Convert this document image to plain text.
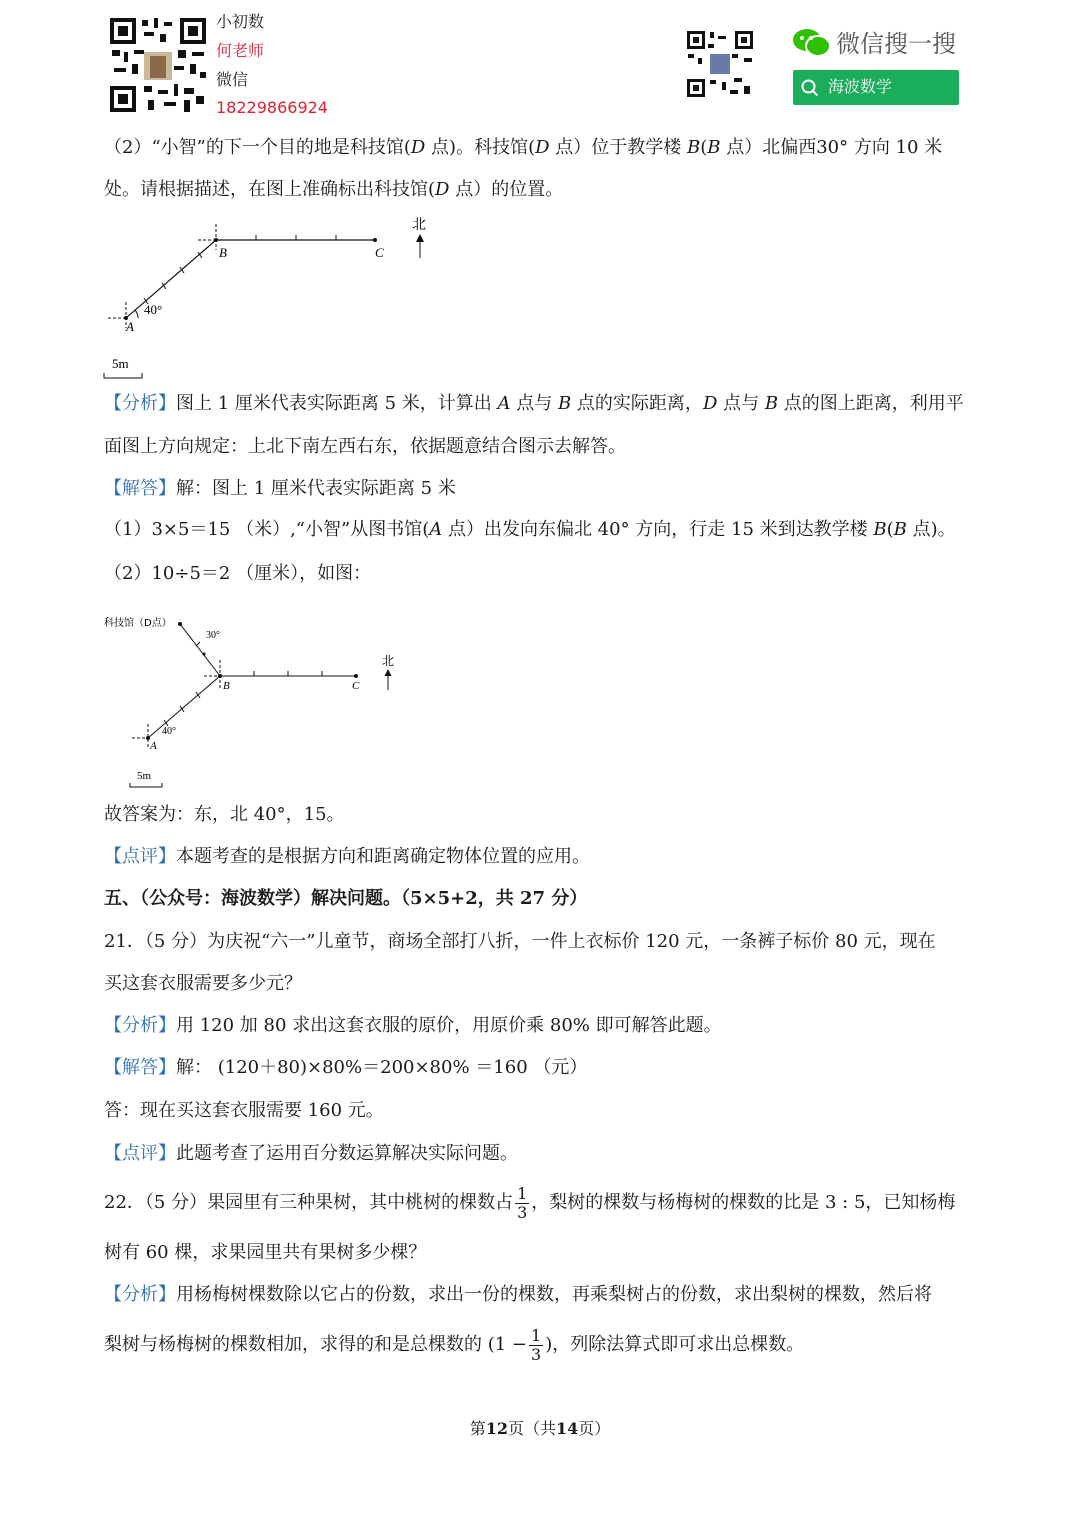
小初数
何老师
微信
18229866924
微信搜一搜
海波数学
（2）“小智”的下一个目的地是科技馆(D 点)。科技馆(D 点）位于教学楼 B(B 点）北偏西30° 方向 10 米
处。请根据描述，在图上准确标出科技馆(D 点）的位置。
A
B	C
40°
北
5m
【分析】图上 1 厘米代表实际距离 5 米，计算出 A 点与 B 点的实际距离，D 点与 B 点的图上距离，利用平
面图上方向规定：上北下南左西右东，依据题意结合图示去解答。
【解答】解：图上 1 厘米代表实际距离 5 米
（1）3×5＝15 （米）,“小智”从图书馆(A 点）出发向东偏北 40° 方向，行走 15 米到达教学楼 B(B 点)。
（2）10÷5＝2 （厘米），如图：
科技馆（D点）
30°
A
B	C
40°
北
5m
故答案为：东，北 40°，15。
【点评】本题考查的是根据方向和距离确定物体位置的应用。
五、（公众号：海波数学）解决问题。（5×5+2，共 27 分）
21．（5 分）为庆祝“六一”儿童节，商场全部打八折，一件上衣标价 120 元，一条裤子标价 80 元，现在
买这套衣服需要多少元？
【分析】用 120 加 80 求出这套衣服的原价，用原价乘 80% 即可解答此题。
【解答】解： (120＋80)×80%＝200×80% ＝160 （元）
答：现在买这套衣服需要 160 元。
【点评】此题考查了运用百分数运算解决实际问题。
22．（5 分）果园里有三种果树，其中桃树的棵数占 $\frac{1}{3}$ ，梨树的棵数与杨梅树的棵数的比是 3 : 5，已知杨梅
树有 60 棵，求果园里共有果树多少棵？
【分析】用杨梅树棵数除以它占的份数，求出一份的棵数，再乘梨树占的份数，求出梨树的棵数，然后将
梨树与杨梅树的棵数相加，求得的和是总棵数的 ($1 - \frac{1}{3}$ )，列除法算式即可求出总棵数。
第12页（共14页）
